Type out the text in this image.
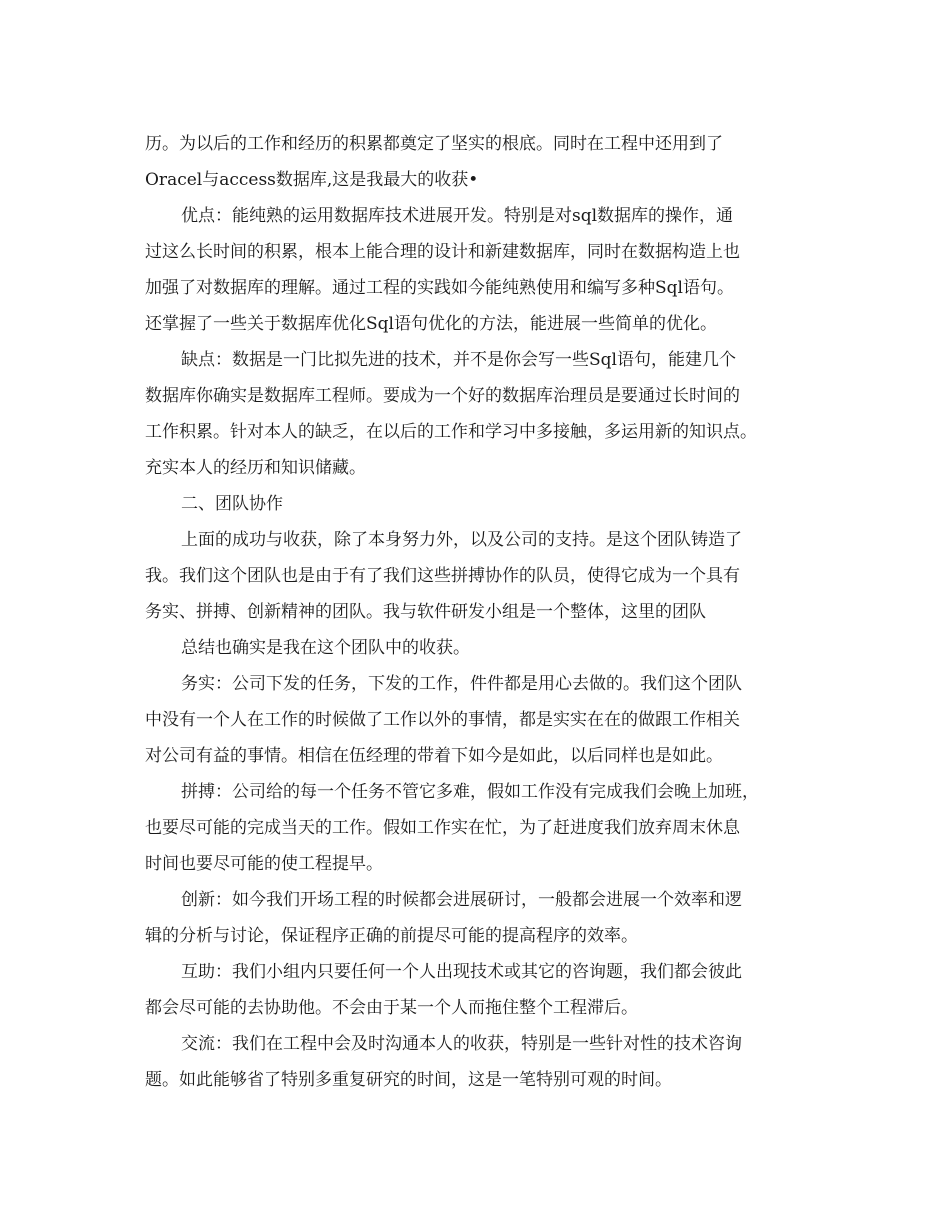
历。为以后的工作和经历的积累都奠定了坚实的根底。同时在工程中还用到了
Oracel与access数据库,这是我最大的收获•
优点：能纯熟的运用数据库技术进展开发。特别是对sql数据库的操作，通
过这么长时间的积累，根本上能合理的设计和新建数据库，同时在数据构造上也
加强了对数据库的理解。通过工程的实践如今能纯熟使用和编写多种Sql语句。
还掌握了一些关于数据库优化Sql语句优化的方法，能进展一些简单的优化。
缺点：数据是一门比拟先进的技术，并不是你会写一些Sql语句，能建几个
数据库你确实是数据库工程师。要成为一个好的数据库治理员是要通过长时间的
工作积累。针对本人的缺乏，在以后的工作和学习中多接触，多运用新的知识点。
充实本人的经历和知识储藏。
二、团队协作
上面的成功与收获，除了本身努力外，以及公司的支持。是这个团队铸造了
我。我们这个团队也是由于有了我们这些拼搏协作的队员，使得它成为一个具有
务实、拼搏、创新精神的团队。我与软件研发小组是一个整体，这里的团队
总结也确实是我在这个团队中的收获。
务实：公司下发的任务，下发的工作，件件都是用心去做的。我们这个团队
中没有一个人在工作的时候做了工作以外的事情，都是实实在在的做跟工作相关
对公司有益的事情。相信在伍经理的带着下如今是如此，以后同样也是如此。
拼搏：公司给的每一个任务不管它多难，假如工作没有完成我们会晚上加班，
也要尽可能的完成当天的工作。假如工作实在忙，为了赶进度我们放弃周末休息
时间也要尽可能的使工程提早。
创新：如今我们开场工程的时候都会进展研讨，一般都会进展一个效率和逻
辑的分析与讨论，保证程序正确的前提尽可能的提高程序的效率。
互助：我们小组内只要任何一个人出现技术或其它的咨询题，我们都会彼此
都会尽可能的去协助他。不会由于某一个人而拖住整个工程滞后。
交流：我们在工程中会及时沟通本人的收获，特别是一些针对性的技术咨询
题。如此能够省了特别多重复研究的时间，这是一笔特别可观的时间。
